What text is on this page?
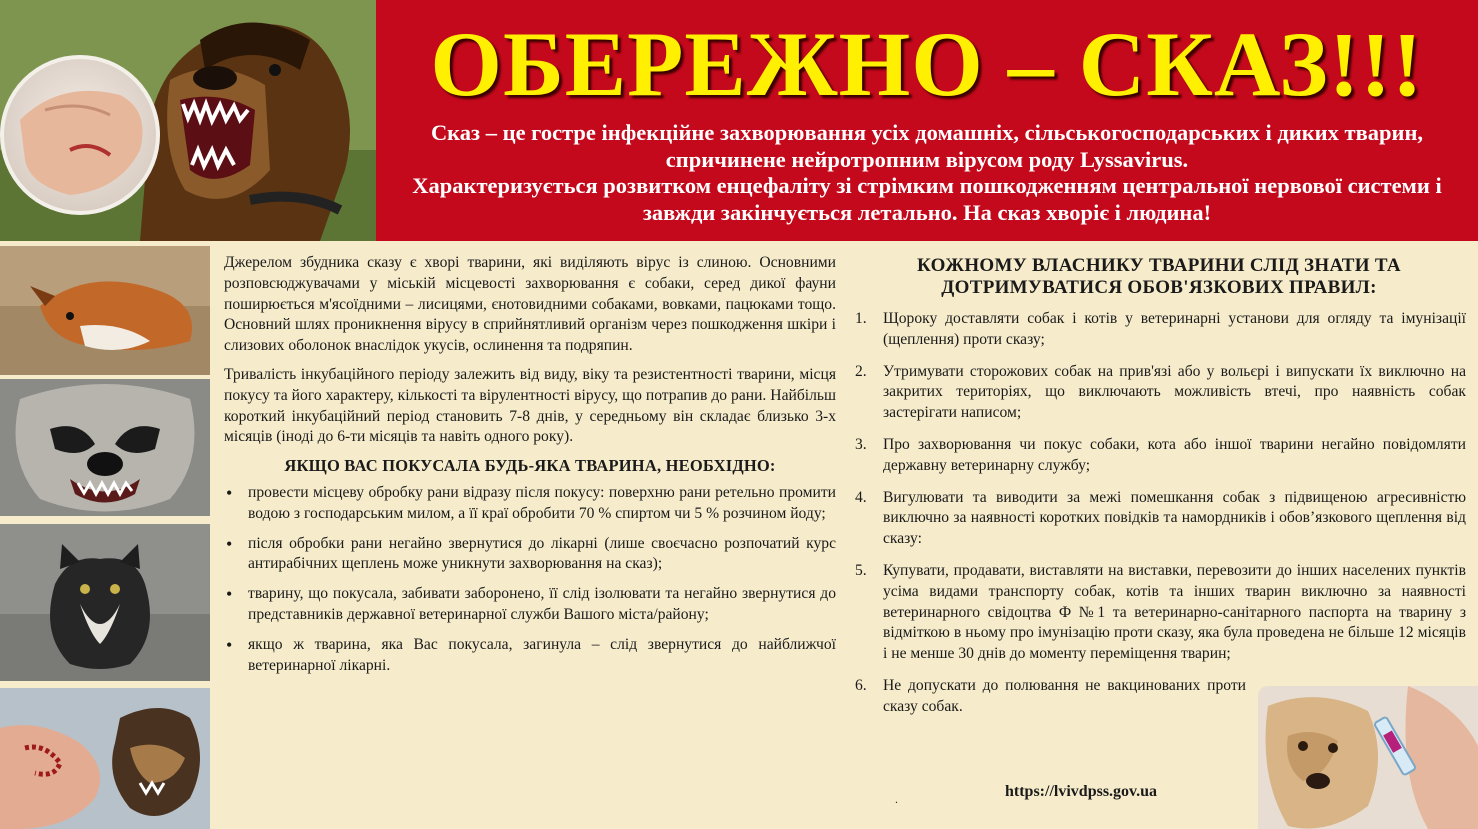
ОБЕРЕЖНО – СКАЗ!!!
Сказ – це гостре інфекційне захворювання усіх домашніх, сільськогосподарських і диких тварин, спричинене нейротропним вірусом роду Lyssavirus.
Характеризується розвитком енцефаліту зі стрімким пошкодженням центральної нервової системи і завжди закінчується летально. На сказ хворіє і людина!

Джерелом збудника сказу є хворі тварини, які виділяють вірус із слиною. Основними розповсюджувачами у міській місцевості захворювання є собаки, серед дикої фауни поширюється м'ясоїдними – лисицями, єнотовидними собаками, вовками, пацюками тощо. Основний шлях проникнення вірусу в сприйнятливий організм через пошкодження шкіри і слизових оболонок внаслідок укусів, ослинення та подряпин.

Тривалість інкубаційного періоду залежить від виду, віку та резистентності тварини, місця покусу та його характеру, кількості та вірулентності вірусу, що потрапив до рани. Найбільш короткий інкубаційний період становить 7-8 днів, у середньому він складає близько 3-х місяців (іноді до 6-ти місяців та навіть одного року).

ЯКЩО ВАС ПОКУСАЛА БУДЬ-ЯКА ТВАРИНА, НЕОБХІДНО:
• провести місцеву обробку рани відразу після покусу: поверхню рани ретельно промити водою з господарським милом, а її краї обробити 70 % спиртом чи 5 % розчином йоду;
• після обробки рани негайно звернутися до лікарні (лише своєчасно розпочатий курс антирабічних щеплень може уникнути захворювання на сказ);
• тварину, що покусала, забивати заборонено, її слід ізолювати та негайно звернутися до представників державної ветеринарної служби Вашого міста/району;
• якщо ж тварина, яка Вас покусала, загинула – слід звернутися до найближчої ветеринарної лікарні.
КОЖНОМУ ВЛАСНИКУ ТВАРИНИ СЛІД ЗНАТИ ТА
ДОТРИМУВАТИСЯ ОБОВ'ЯЗКОВИХ ПРАВИЛ:
1. Щороку доставляти собак і котів у ветеринарні установи для огляду та імунізації (щеплення) проти сказу;
2. Утримувати сторожових собак на прив'язі або у вольєрі і випускати їх виключно на закритих територіях, що виключають можливість втечі, про наявність собак застерігати написом;
3. Про захворювання чи покус собаки, кота або іншої тварини негайно повідомляти державну ветеринарну службу;
4. Вигулювати та виводити за межі помешкання собак з підвищеною агресивністю виключно за наявності коротких повідків та намордників і обов’язкового щеплення від сказу:
5. Купувати, продавати, виставляти на виставки, перевозити до інших населених пунктів усіма видами транспорту собак, котів та інших тварин виключно за наявності ветеринарного свідоцтва Ф №1 та ветеринарно-санітарного паспорта на тварину з відміткою в ньому про імунізацію проти сказу, яка була проведена не більше 12 місяців і не менше 30 днів до моменту переміщення тварин;
6. Не допускати до полювання не вакцинованих проти сказу собак.
.	https://lvivdpss.gov.ua
